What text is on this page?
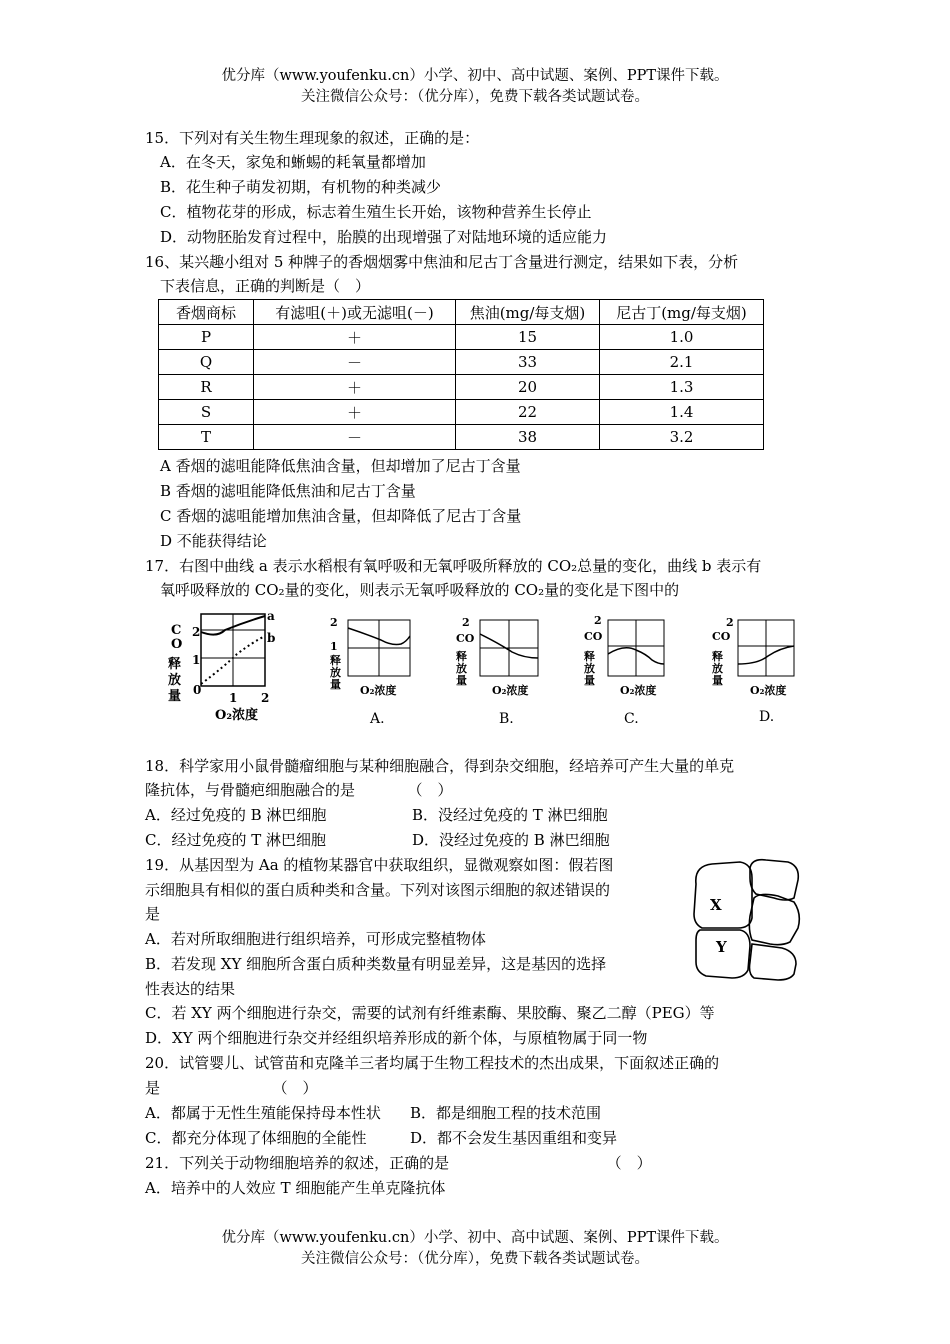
优分库（www.youfenku.cn）小学、初中、高中试题、案例、PPT课件下载。
关注微信公众号：（优分库），免费下载各类试题试卷。
15．下列对有关生物生理现象的叙述，正确的是：
A．在冬天，家兔和蜥蜴的耗氧量都增加
B．花生种子萌发初期，有机物的种类减少
C．植物花芽的形成，标志着生殖生长开始，该物种营养生长停止
D．动物胚胎发育过程中，胎膜的出现增强了对陆地环境的适应能力
16、某兴趣小组对 5 种牌子的香烟烟雾中焦油和尼古丁含量进行测定，结果如下表，分析
下表信息，正确的判断是（　）
香烟商标	有滤咀(＋)或无滤咀(－)	焦油(mg/每支烟)	尼古丁(mg/每支烟)
P	＋	15	1.0
Q	－	33	2.1
R	＋	20	1.3
S	＋	22	1.4
T	－	38	3.2
A 香烟的滤咀能降低焦油含量，但却增加了尼古丁含量
B 香烟的滤咀能降低焦油和尼古丁含量
C 香烟的滤咀能增加焦油含量，但却降低了尼古丁含量
D 不能获得结论
17．右图中曲线 a 表示水稻根有氧呼吸和无氧呼吸所释放的 CO₂总量的变化，曲线 b 表示有
氧呼吸释放的 CO₂量的变化，则表示无氧呼吸释放的 CO₂量的变化是下图中的
C
O
释
放
量
a
b
2
1
0
1 2
O₂浓度
2
1
释
放
量 O₂浓度
A.
2
CO
释
放
量
O₂浓度
B.
2
CO
释
放
量
O₂浓度
C.
2
CO
释
放
量
O₂浓度
D.
18．科学家用小鼠骨髓瘤细胞与某种细胞融合，得到杂交细胞，经培养可产生大量的单克
隆抗体，与骨髓疤细胞融合的是　　　　（　）
A．经过免疫的 B 淋巴细胞	B．没经过免疫的 T 淋巴细胞
C．经过免疫的 T 淋巴细胞	D．没经过免疫的 B 淋巴细胞
19．从基因型为 Aa 的植物某器官中获取组织，显微观察如图：假若图
示细胞具有相似的蛋白质种类和含量。下列对该图示细胞的叙述错误的
是
A．若对所取细胞进行组织培养，可形成完整植物体
B．若发现 XY 细胞所含蛋白质种类数量有明显差异，这是基因的选择
性表达的结果
C．若 XY 两个细胞进行杂交，需要的试剂有纤维素酶、果胶酶、聚乙二醇（PEG）等
D．XY 两个细胞进行杂交并经组织培养形成的新个体，与原植物属于同一物
X
Y
20．试管婴儿、试管苗和克隆羊三者均属于生物工程技术的杰出成果，下面叙述正确的
是　　　　　　　　（　）
A．都属于无性生殖能保持母本性状 B．都是细胞工程的技术范围
C．都充分体现了体细胞的全能性	D．都不会发生基因重组和变异
21．下列关于动物细胞培养的叙述，正确的是　　　　　　　　　　　（　）
A．培养中的人效应 T 细胞能产生单克隆抗体
优分库（www.youfenku.cn）小学、初中、高中试题、案例、PPT课件下载。
关注微信公众号：（优分库），免费下载各类试题试卷。
